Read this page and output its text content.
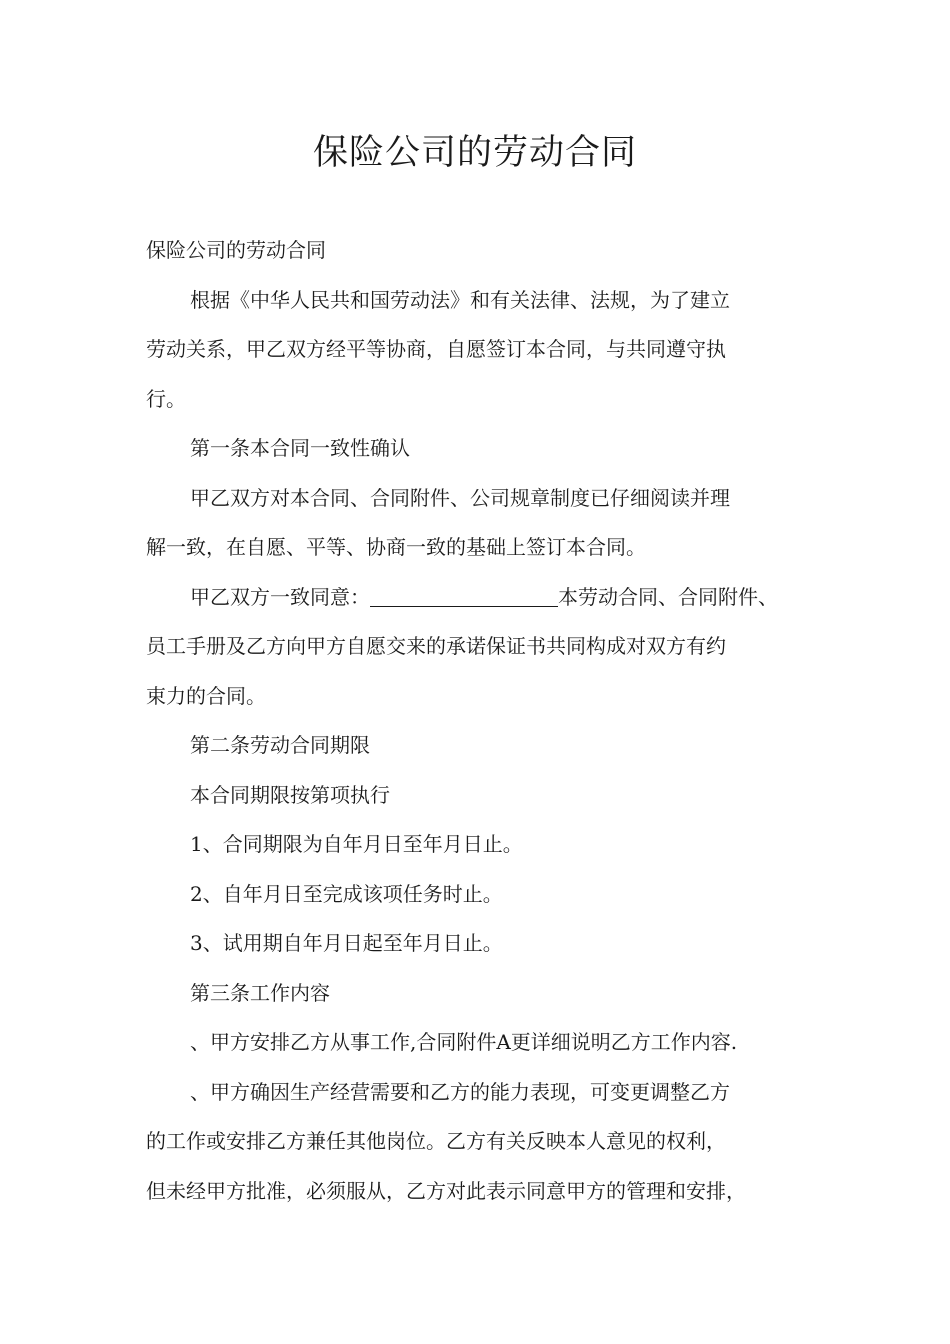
保险公司的劳动合同

保险公司的劳动合同

根据《中华人民共和国劳动法》和有关法律、法规，为了建立

劳动关系，甲乙双方经平等协商，自愿签订本合同，与共同遵守执

行。

第一条本合同一致性确认

甲乙双方对本合同、合同附件、公司规章制度已仔细阅读并理

解一致，在自愿、平等、协商一致的基础上签订本合同。

甲乙双方一致同意：	本劳动合同、合同附件、

员工手册及乙方向甲方自愿交来的承诺保证书共同构成对双方有约

束力的合同。

第二条劳动合同期限

本合同期限按第项执行

1、合同期限为自年月日至年月日止。

2、自年月日至完成该项任务时止。

3、试用期自年月日起至年月日止。

第三条工作内容

、甲方安排乙方从事工作,合同附件A更详细说明乙方工作内容.

、甲方确因生产经营需要和乙方的能力表现，可变更调整乙方

的工作或安排乙方兼任其他岗位。乙方有关反映本人意见的权利，

但未经甲方批准，必须服从，乙方对此表示同意甲方的管理和安排，
